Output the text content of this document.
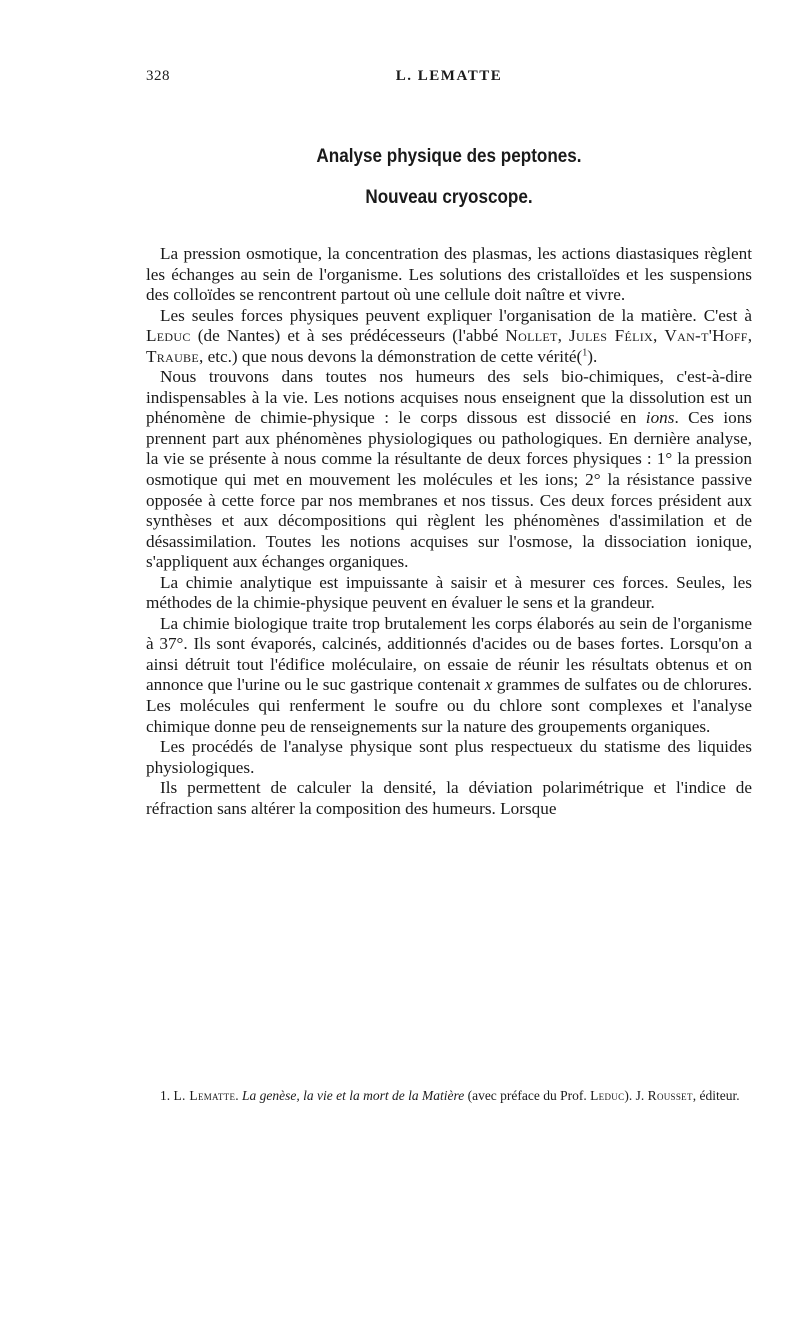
328	L. LEMATTE
Analyse physique des peptones.
Nouveau cryoscope.

La pression osmotique, la concentration des plasmas, les actions diastasiques règlent les échanges au sein de l'organisme. Les solutions des cristalloïdes et les suspensions des colloïdes se rencontrent partout où une cellule doit naître et vivre.

Les seules forces physiques peuvent expliquer l'organisation de la matière. C'est à Leduc (de Nantes) et à ses prédécesseurs (l'abbé Nollet, Jules Félix, Van-t'Hoff, Traube, etc.) que nous devons la démonstration de cette vérité($^1$).

Nous trouvons dans toutes nos humeurs des sels bio-chimiques, c'est-à-dire indispensables à la vie. Les notions acquises nous enseignent que la dissolution est un phénomène de chimie-physique : le corps dissous est dissocié en ions. Ces ions prennent part aux phénomènes physiologiques ou pathologiques. En dernière analyse, la vie se présente à nous comme la résultante de deux forces physiques : 1° la pression osmotique qui met en mouvement les molécules et les ions; 2° la résistance passive opposée à cette force par nos membranes et nos tissus. Ces deux forces président aux synthèses et aux décompositions qui règlent les phénomènes d'assimilation et de désassimilation. Toutes les notions acquises sur l'osmose, la dissociation ionique, s'appliquent aux échanges organiques.

La chimie analytique est impuissante à saisir et à mesurer ces forces. Seules, les méthodes de la chimie-physique peuvent en évaluer le sens et la grandeur.

La chimie biologique traite trop brutalement les corps élaborés au sein de l'organisme à 37°. Ils sont évaporés, calcinés, additionnés d'acides ou de bases fortes. Lorsqu'on a ainsi détruit tout l'édifice moléculaire, on essaie de réunir les résultats obtenus et on annonce que l'urine ou le suc gastrique contenait x grammes de sulfates ou de chlorures. Les molécules qui renferment le soufre ou du chlore sont complexes et l'analyse chimique donne peu de renseignements sur la nature des groupements organiques.

Les procédés de l'analyse physique sont plus respectueux du statisme des liquides physiologiques.

Ils permettent de calculer la densité, la déviation polarimétrique et l'indice de réfraction sans altérer la composition des humeurs. Lorsque

1. L. Lematte. La genèse, la vie et la mort de la Matière (avec préface du Prof. Leduc). J. Rousset, éditeur.
